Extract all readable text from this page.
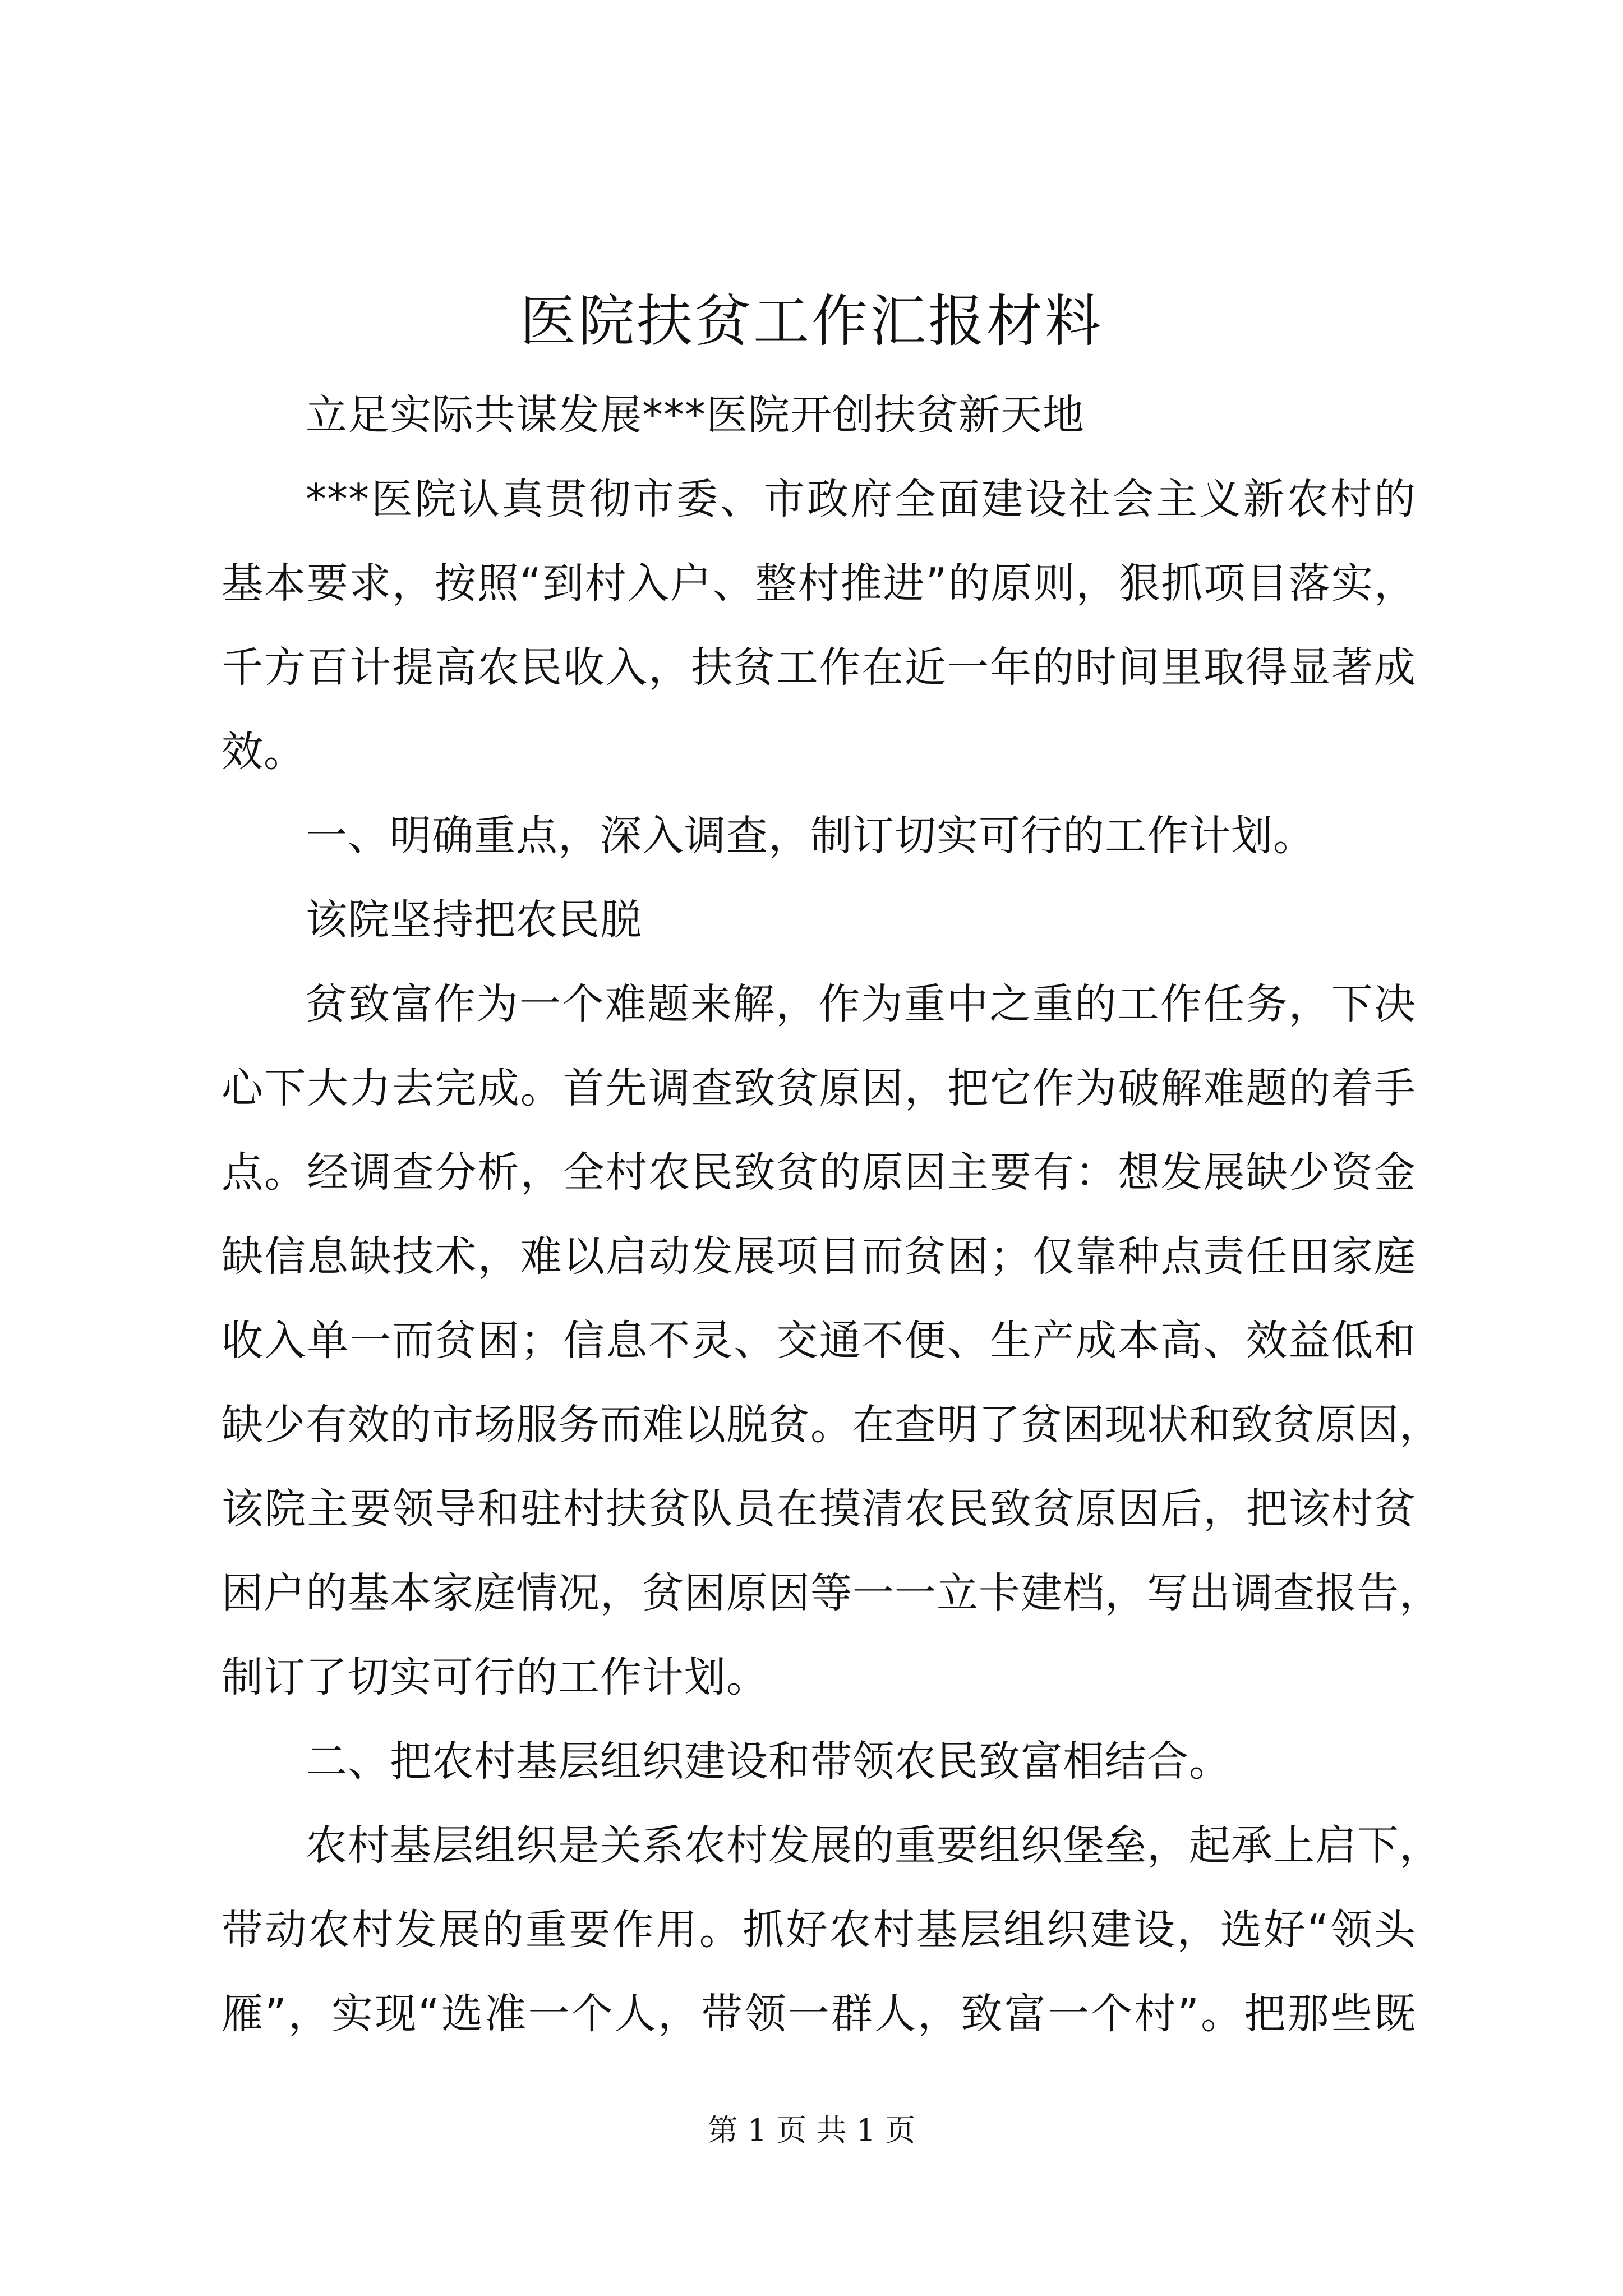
医院扶贫工作汇报材料
立足实际共谋发展***医院开创扶贫新天地
***医院认真贯彻市委、市政府全面建设社会主义新农村的
基本要求，按照“到村入户、整村推进”的原则，狠抓项目落实，
千方百计提高农民收入，扶贫工作在近一年的时间里取得显著成
效。
一、明确重点，深入调查，制订切实可行的工作计划。
该院坚持把农民脱
贫致富作为一个难题来解，作为重中之重的工作任务，下决
心下大力去完成。首先调查致贫原因，把它作为破解难题的着手
点。经调查分析，全村农民致贫的原因主要有：想发展缺少资金
缺信息缺技术，难以启动发展项目而贫困；仅靠种点责任田家庭
收入单一而贫困；信息不灵、交通不便、生产成本高、效益低和
缺少有效的市场服务而难以脱贫。在查明了贫困现状和致贫原因，
该院主要领导和驻村扶贫队员在摸清农民致贫原因后，把该村贫
困户的基本家庭情况，贫困原因等一一立卡建档，写出调查报告，
制订了切实可行的工作计划。
二、把农村基层组织建设和带领农民致富相结合。
农村基层组织是关系农村发展的重要组织堡垒，起承上启下，
带动农村发展的重要作用。抓好农村基层组织建设，选好“领头
雁”，实现“选准一个人，带领一群人，致富一个村”。把那些既
第 1 页 共 1 页
